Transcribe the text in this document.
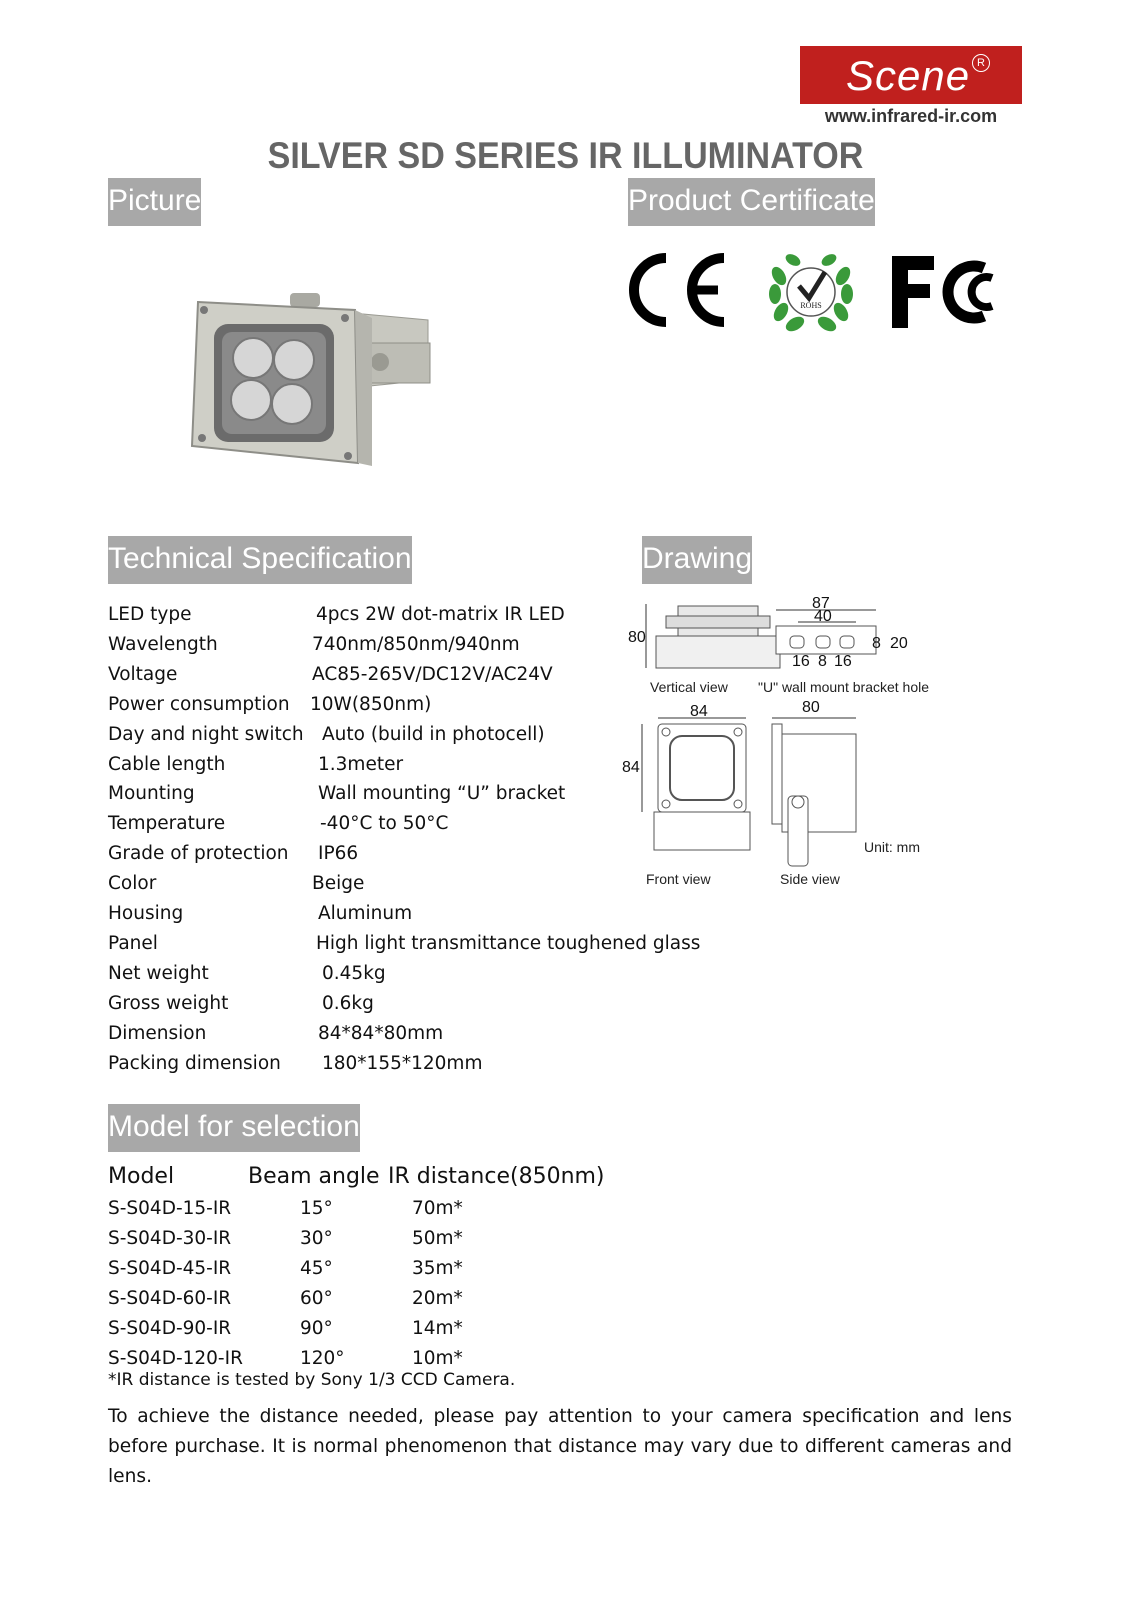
Scene R
www.infrared-ir.com
SILVER SD SERIES IR ILLUMINATOR
Picture	Product Certificate
Technical Specification	Drawing
Model for selection
ROHS
LED type	4pcs 2W dot-matrix IR LED
Wavelength	740nm/850nm/940nm
Voltage	AC85-265V/DC12V/AC24V
Power consumption 10W(850nm)
Day and night switch Auto (build in photocell)
Cable length	1.3meter
Mounting	Wall mounting “U” bracket
Temperature	-40°C to 50°C
Grade of protection IP66
Color	Beige
Housing	Aluminum
Panel	High light transmittance toughened glass
Net weight	0.45kg
Gross weight	0.6kg
Dimension	84*84*80mm
Packing dimension 180*155*120mm
80
Vertical view
87
40
8 20
16 8 16
"U" wall mount bracket hole
84
84
Front view
80
Side view
Unit: mm
Model	Beam angle IR distance(850nm)
S-S04D-15-IR	15°	70m*
S-S04D-30-IR	30°	50m*
S-S04D-45-IR	45°	35m*
S-S04D-60-IR	60°	20m*
S-S04D-90-IR	90°	14m*
S-S04D-120-IR	120°	10m*
*IR distance is tested by Sony 1/3 CCD Camera.
To achieve the distance needed, please pay attention to your camera specification and lens before purchase. It is normal phenomenon that distance may vary due to different cameras and lens.
